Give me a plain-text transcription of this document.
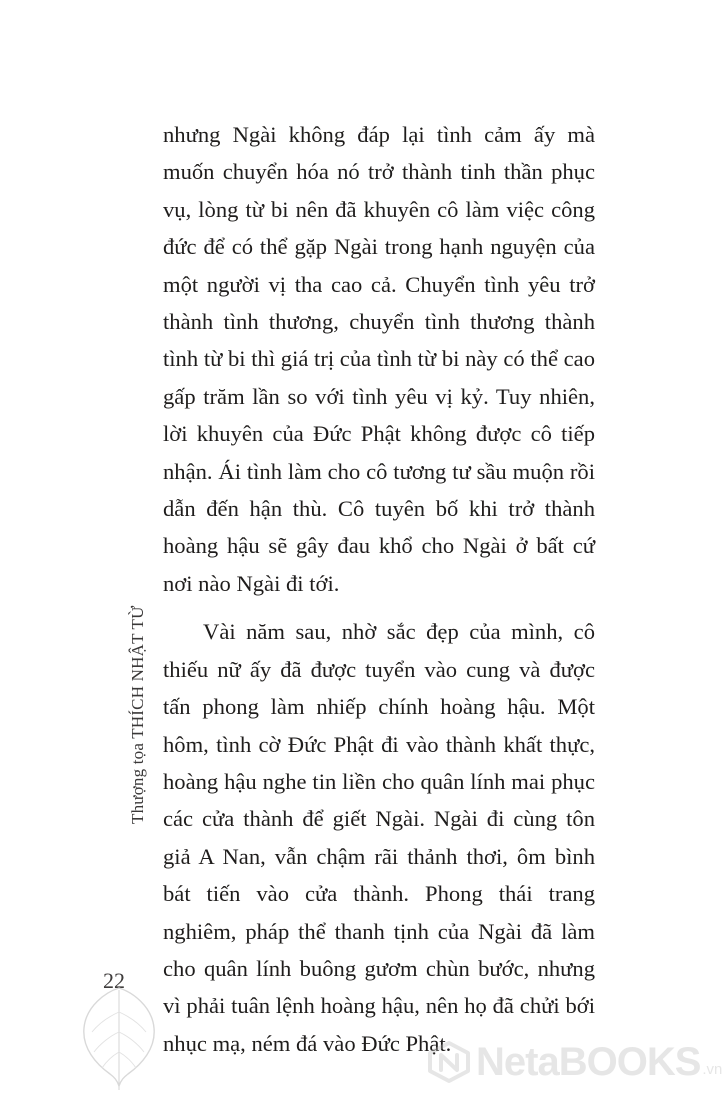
nhưng Ngài không đáp lại tình cảm ấy mà muốn chuyển hóa nó trở thành tinh thần phục vụ, lòng từ bi nên đã khuyên cô làm việc công đức để có thể gặp Ngài trong hạnh nguyện của một người vị tha cao cả. Chuyển tình yêu trở thành tình thương, chuyển tình thương thành tình từ bi thì giá trị của tình từ bi này có thể cao gấp trăm lần so với tình yêu vị kỷ. Tuy nhiên, lời khuyên của Đức Phật không được cô tiếp nhận. Ái tình làm cho cô tương tư sầu muộn rồi dẫn đến hận thù. Cô tuyên bố khi trở thành hoàng hậu sẽ gây đau khổ cho Ngài ở bất cứ nơi nào Ngài đi tới.

Vài năm sau, nhờ sắc đẹp của mình, cô thiếu nữ ấy đã được tuyển vào cung và được tấn phong làm nhiếp chính hoàng hậu. Một hôm, tình cờ Đức Phật đi vào thành khất thực, hoàng hậu nghe tin liền cho quân lính mai phục các cửa thành để giết Ngài. Ngài đi cùng tôn giả A Nan, vẫn chậm rãi thảnh thơi, ôm bình bát tiến vào cửa thành. Phong thái trang nghiêm, pháp thể thanh tịnh của Ngài đã làm cho quân lính buông gươm chùn bước, nhưng vì phải tuân lệnh hoàng hậu, nên họ đã chửi bới nhục mạ, ném đá vào Đức Phật.

Thượng tọa THÍCH NHẬT TỪ
22
NetaBOOKS .vn
